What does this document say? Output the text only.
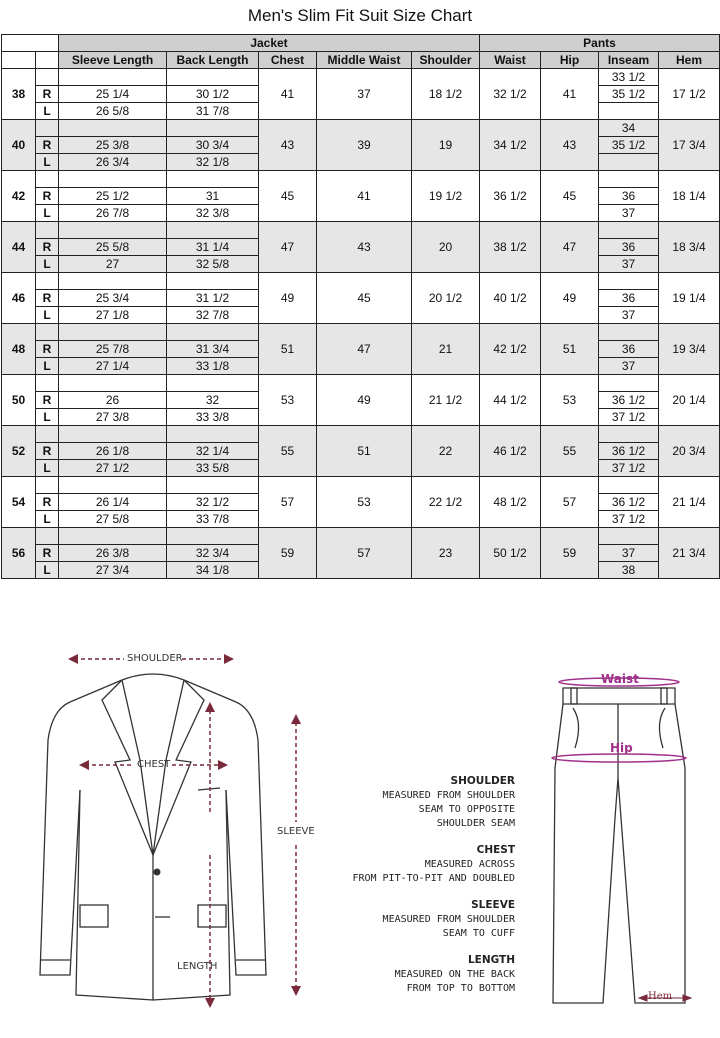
Men's Slim Fit Suit Size Chart
		Jacket					Pants			
		Sleeve Length	Back Length	Chest	Middle Waist	Shoulder	Waist	Hip	Inseam	Hem
38				41	37	18 1/2	32 1/2	41	33 1/2	17 1/2
	R	25 1/4	30 1/2						35 1/2	
	L	26 5/8	31 7/8							
40				43	39	19	34 1/2	43	34	17 3/4
	R	25 3/8	30 3/4						35 1/2	
	L	26 3/4	32 1/8							
42				45	41	19 1/2	36 1/2	45		18 1/4
	R	25 1/2	31						36	
	L	26 7/8	32 3/8						37	
44				47	43	20	38 1/2	47		18 3/4
	R	25 5/8	31 1/4						36	
	L	27	32 5/8						37	
46				49	45	20 1/2	40 1/2	49		19 1/4
	R	25 3/4	31 1/2						36	
	L	27 1/8	32 7/8						37	
48				51	47	21	42 1/2	51		19 3/4
	R	25 7/8	31 3/4						36	
	L	27 1/4	33 1/8						37	
50				53	49	21 1/2	44 1/2	53		20 1/4
	R	26	32						36 1/2	
	L	27 3/8	33 3/8						37 1/2	
52				55	51	22	46 1/2	55		20 3/4
	R	26 1/8	32 1/4						36 1/2	
	L	27 1/2	33 5/8						37 1/2	
54				57	53	22 1/2	48 1/2	57		21 1/4
	R	26 1/4	32 1/2						36 1/2	
	L	27 5/8	33 7/8						37 1/2	
56				59	57	23	50 1/2	59		21 3/4
	R	26 3/8	32 3/4						37	
	L	27 3/4	34 1/8						38	
SHOULDER
CHEST
SLEEVE
LENGTH
SHOULDER
MEASURED FROM SHOULDER
SEAM TO OPPOSITE
SHOULDER SEAM
CHEST
MEASURED ACROSS
FROM PIT-TO-PIT AND DOUBLED
SLEEVE
MEASURED FROM SHOULDER
SEAM TO CUFF
LENGTH
MEASURED ON THE BACK
FROM TOP TO BOTTOM
Waist
Hip
Hem
